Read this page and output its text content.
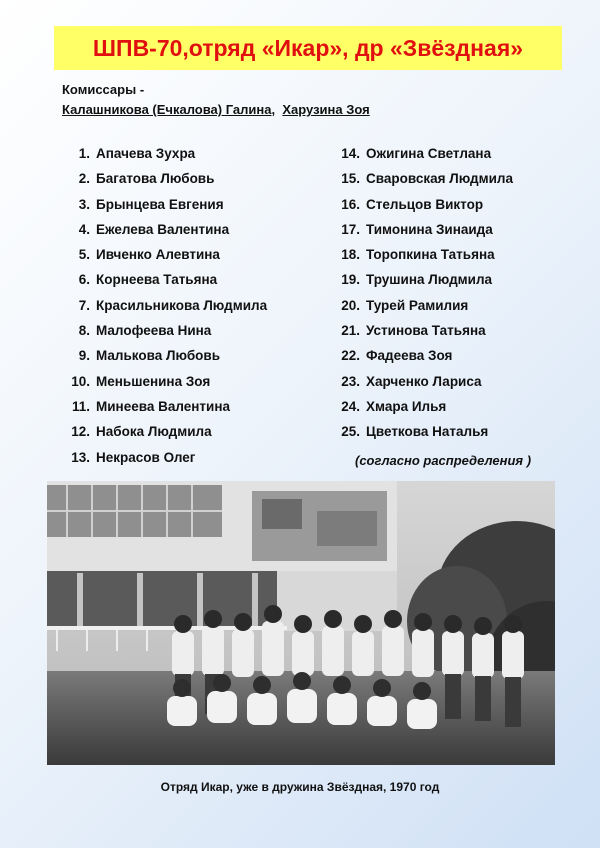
ШПВ-70,отряд «Икар», др «Звёздная»
Комиссары -
Калашникова (Ечкалова) Галина, Харузина Зоя
1. Апачева Зухра
2. Багатова Любовь
3. Брынцева Евгения
4. Ежелева Валентина
5. Ивченко Алевтина
6. Корнеева Татьяна
7. Красильникова Людмила
8. Малофеева Нина
9. Малькова Любовь
10. Меньшенина Зоя
11. Минеева Валентина
12. Набока Людмила
13. Некрасов Олег
14. Ожигина Светлана
15. Сваровская Людмила
16. Стельцов Виктор
17. Тимонина Зинаида
18. Торопкина Татьяна
19. Трушина Людмила
20. Турей Рамилия
21. Устинова Татьяна
22. Фадеева Зоя
23. Харченко Лариса
24. Хмара Илья
25. Цветкова Наталья
(согласно распределения )
Отряд Икар, уже в дружина Звёздная, 1970 год
